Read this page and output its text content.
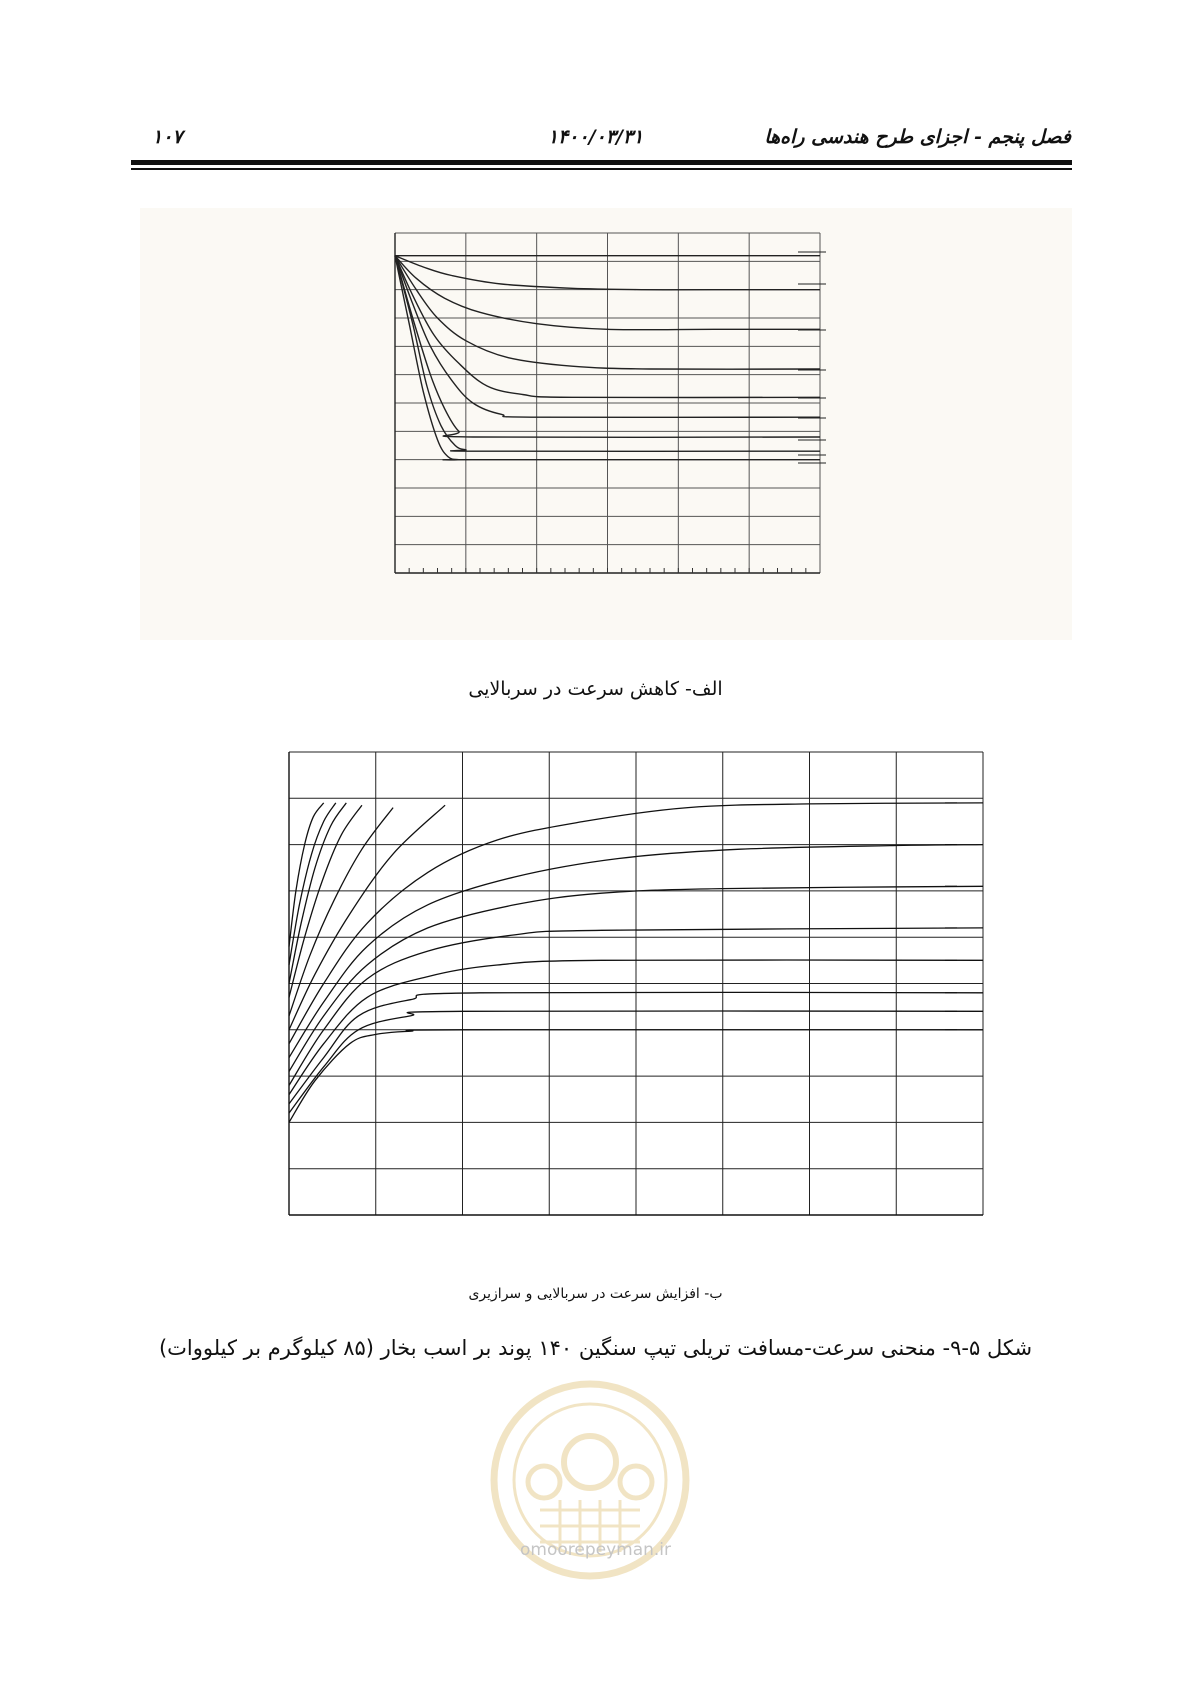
۱۰۷	۱۴۰۰/۰۳/۳۱	فصل پنجم - اجزای طرح هندسی راه‌ها
الف- کاهش سرعت در سربالایی
ب- افزایش سرعت در سربالایی و سرازیری
شکل ۵-۹- منحنی سرعت-مسافت تریلی تیپ سنگین ۱۴۰ پوند بر اسب بخار (۸۵ کیلوگرم بر کیلووات)
omoorepeyman.ir
